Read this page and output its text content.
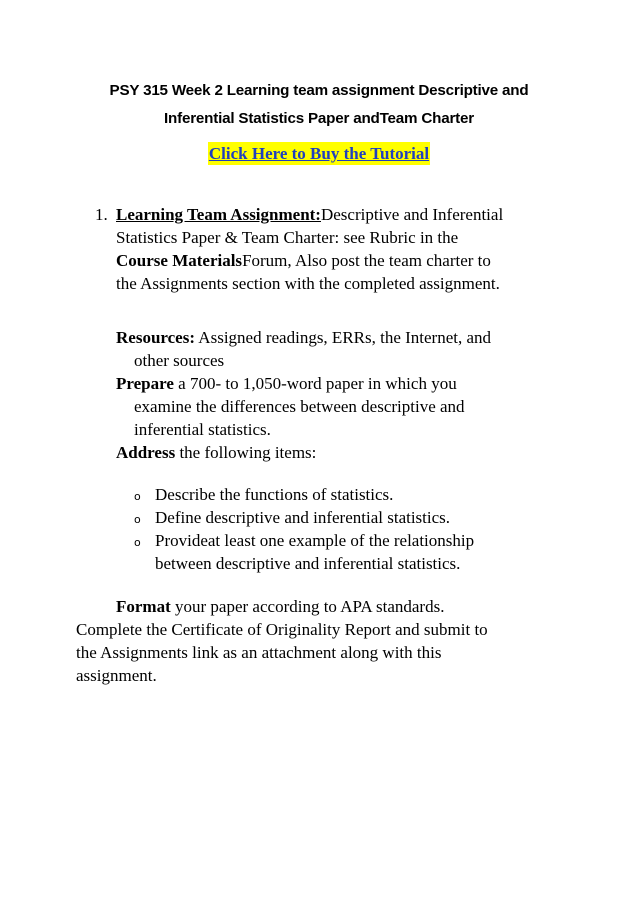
PSY 315 Week 2 Learning team assignment Descriptive and
Inferential Statistics Paper andTeam Charter
Click Here to Buy the Tutorial
1. Learning Team Assignment:Descriptive and Inferential
Statistics Paper & Team Charter: see Rubric in the
Course MaterialsForum, Also post the team charter to
the Assignments section with the completed assignment.
Resources: Assigned readings, ERRs, the Internet, and
other sources
Prepare a 700- to 1,050-word paper in which you
examine the differences between descriptive and
inferential statistics.
Address the following items:
o Describe the functions of statistics.
o Define descriptive and inferential statistics.
o Provideat least one example of the relationship
between descriptive and inferential statistics.
Format your paper according to APA standards.
Complete the Certificate of Originality Report and submit to
the Assignments link as an attachment along with this
assignment.
